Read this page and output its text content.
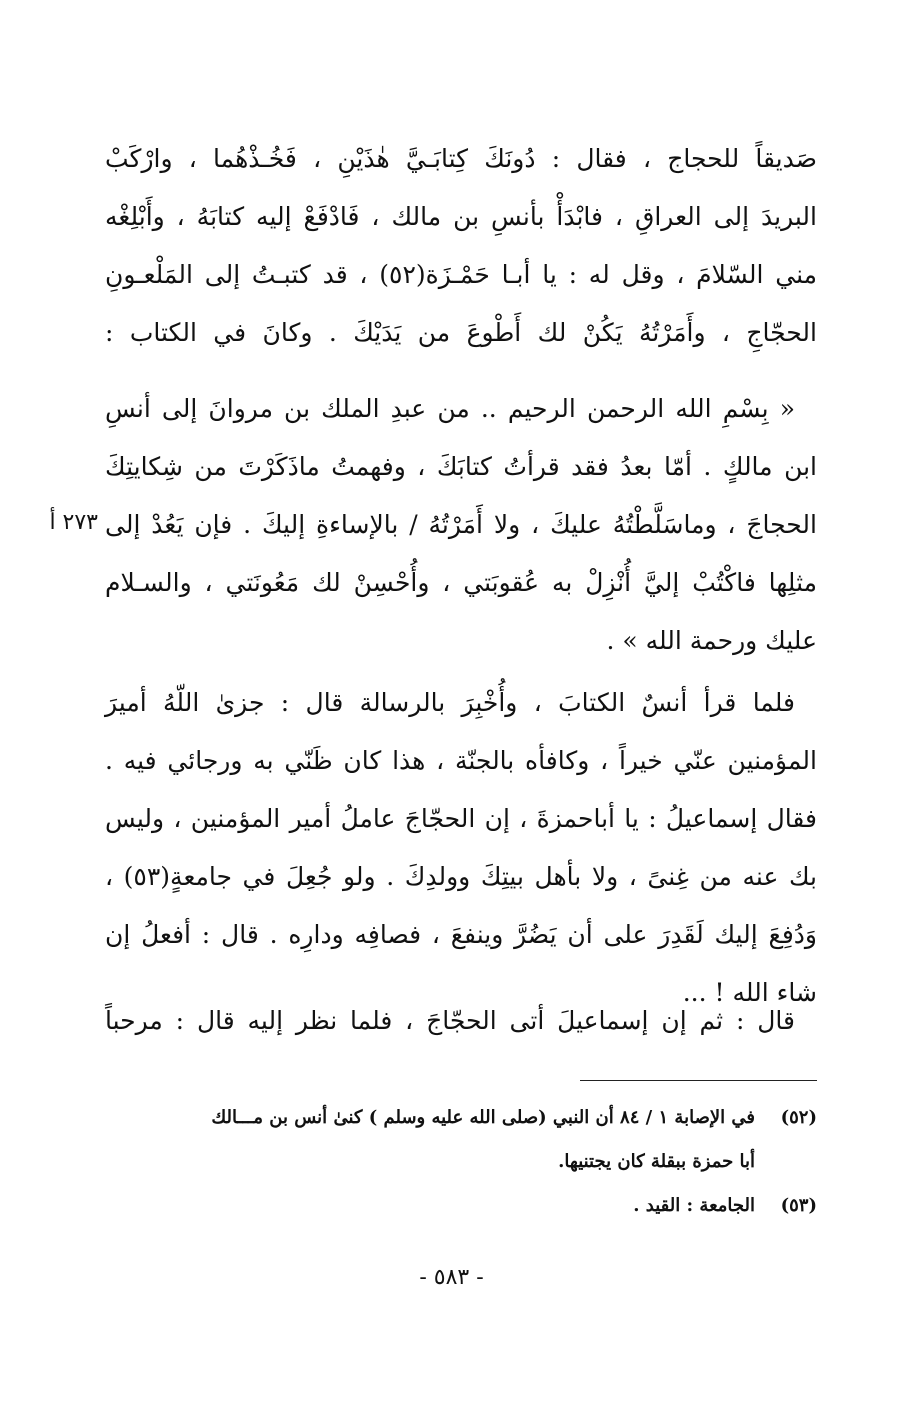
صَديقاً للحجاج ، فقال : دُونَكَ كِتابَـيَّ هٰذَيْنِ ، فَخُـذْهُما ، وارْكَبْ
البريدَ إلى العراقِ ، فابْدَأْ بأنسِ بن مالك ، فَادْفَعْ إليه كتابَهُ ، وأَبْلِغْه
مني السّلامَ ، وقل له : يا أبـا حَمْـزَة(٥٢) ، قد كتبـتُ إلى المَلْعـونِ
الحجّاجِ ، وأَمَرْتُهُ يَكُنْ لك أَطْوعَ من يَدَيْكَ . وكانَ في الكتاب :
« بِسْمِ الله الرحمن الرحيم .. من عبدِ الملك بن مروانَ إلى أنسِ
ابن مالكٍ . أمّا بعدُ فقد قرأتُ كتابَكَ ، وفهمتُ ماذَكَرْتَ من شِكايتِكَ
الحجاجَ ، وماسَلَّطْتُهُ عليكَ ، ولا أَمَرْتُهُ / بالإساءةِ إليكَ . فإن يَعُدْ إلى
مثلِها فاكْتُبْ إليَّ أُنْزِلْ به عُقوبَتي ، وأُحْسِنْ لك مَعُونَتي ، والسـلام
عليك ورحمة الله » .
٢٧٣ أ
فلما قرأ أنسٌ الكتابَ ، وأُخْبِرَ بالرسالة قال : جزىٰ اللّهُ أميرَ
المؤمنين عنّي خيراً ، وكافأه بالجنّة ، هذا كان ظَنّي به ورجائي فيه .
فقال إسماعيلُ : يا أباحمزةَ ، إن الحجّاجَ عاملُ أمير المؤمنين ، وليس
بك عنه من غِنىً ، ولا بأهل بيتِكَ وولدِكَ . ولو جُعِلَ في جامعةٍ(٥٣) ،
وَدُفِعَ إليك لَقَدِرَ على أن يَضُرَّ وينفعَ ، فصافِه ودارِه . قال : أفعلُ إن
شاء الله ! ...
قال : ثم إن إسماعيلَ أتى الحجّاجَ ، فلما نظر إليه قال : مرحباً
(٥٢)
في الإصابة ١ / ٨٤ أن النبي (صلى الله عليه وسلم ) كنىٰ أنس بن مـــالك
أبا حمزة ببقلة كان يجتنيها.
(٥٣)
الجامعة : القيد .
- ٥٨٣ -
